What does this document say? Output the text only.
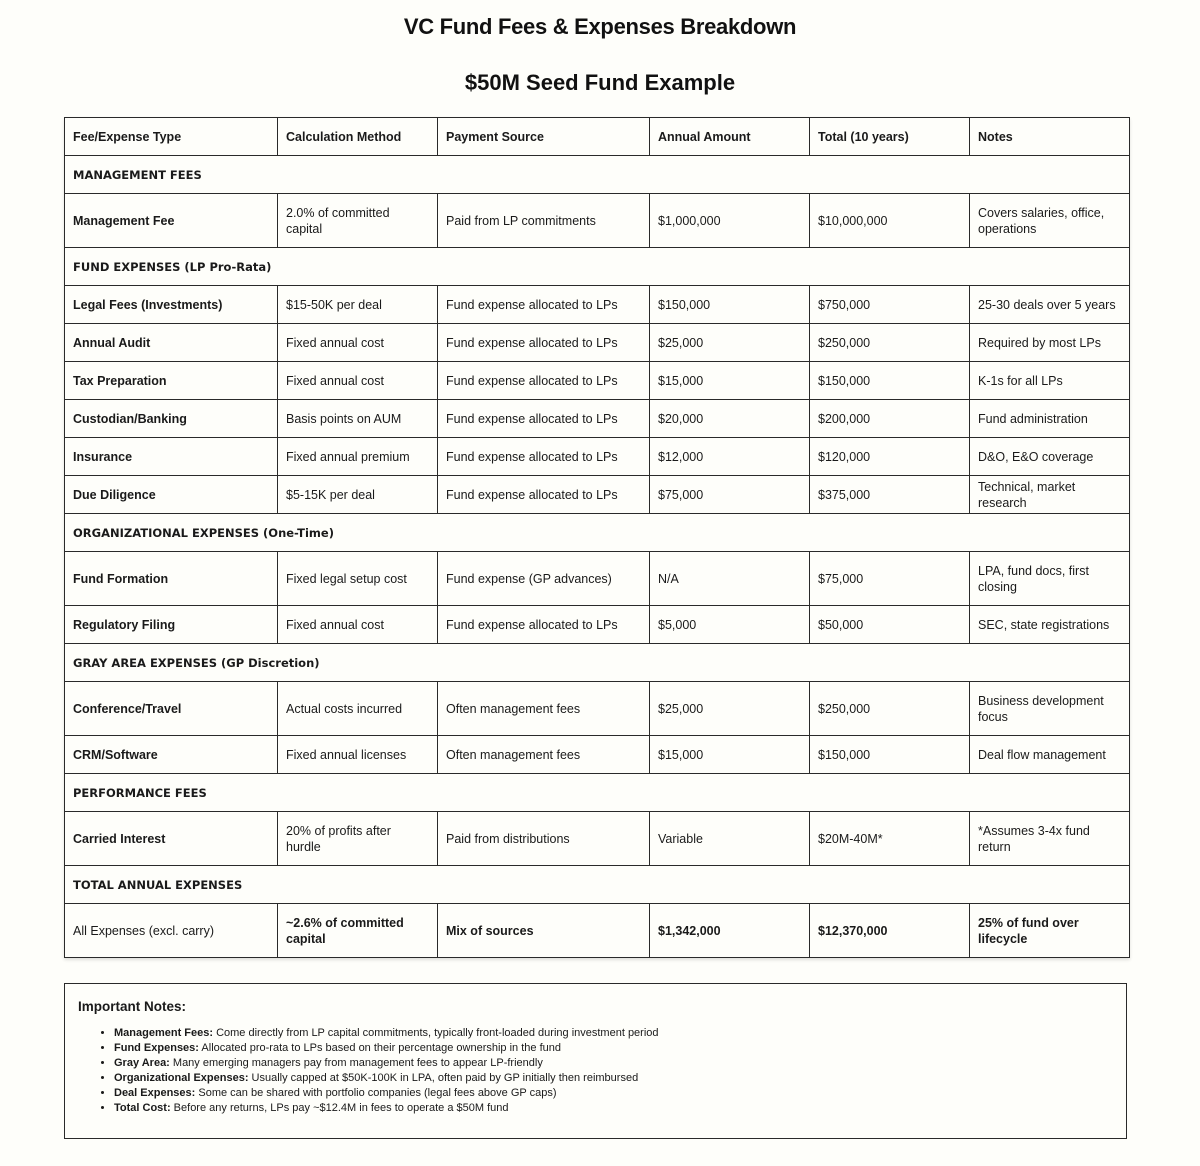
VC Fund Fees & Expenses Breakdown
$50M Seed Fund Example
Fee/Expense Type	Calculation Method	Payment Source	Annual Amount	Total (10 years)	Notes
MANAGEMENT FEES					
Management Fee	2.0% of committed capital	Paid from LP commitments	$1,000,000	$10,000,000	Covers salaries, office, operations
FUND EXPENSES (LP Pro-Rata)					
Legal Fees (Investments)	$15-50K per deal	Fund expense allocated to LPs	$150,000	$750,000	25-30 deals over 5 years
Annual Audit	Fixed annual cost	Fund expense allocated to LPs	$25,000	$250,000	Required by most LPs
Tax Preparation	Fixed annual cost	Fund expense allocated to LPs	$15,000	$150,000	K-1s for all LPs
Custodian/Banking	Basis points on AUM	Fund expense allocated to LPs	$20,000	$200,000	Fund administration
Insurance	Fixed annual premium	Fund expense allocated to LPs	$12,000	$120,000	D&O, E&O coverage
Due Diligence	$5-15K per deal	Fund expense allocated to LPs	$75,000	$375,000	Technical, market research
ORGANIZATIONAL EXPENSES (One-Time)					
Fund Formation	Fixed legal setup cost	Fund expense (GP advances)	N/A	$75,000	LPA, fund docs, first closing
Regulatory Filing	Fixed annual cost	Fund expense allocated to LPs	$5,000	$50,000	SEC, state registrations
GRAY AREA EXPENSES (GP Discretion)					
Conference/Travel	Actual costs incurred	Often management fees	$25,000	$250,000	Business development focus
CRM/Software	Fixed annual licenses	Often management fees	$15,000	$150,000	Deal flow management
PERFORMANCE FEES					
Carried Interest	20% of profits after hurdle	Paid from distributions	Variable	$20M-40M*	*Assumes 3-4x fund return
TOTAL ANNUAL EXPENSES					
All Expenses (excl. carry)	~2.6% of committed capital	Mix of sources	$1,342,000	$12,370,000	25% of fund over lifecycle
Important Notes:
• Management Fees: Come directly from LP capital commitments, typically front-loaded during investment period
• Fund Expenses: Allocated pro-rata to LPs based on their percentage ownership in the fund
• Gray Area: Many emerging managers pay from management fees to appear LP-friendly
• Organizational Expenses: Usually capped at $50K-100K in LPA, often paid by GP initially then reimbursed
• Deal Expenses: Some can be shared with portfolio companies (legal fees above GP caps)
• Total Cost: Before any returns, LPs pay ~$12.4M in fees to operate a $50M fund
